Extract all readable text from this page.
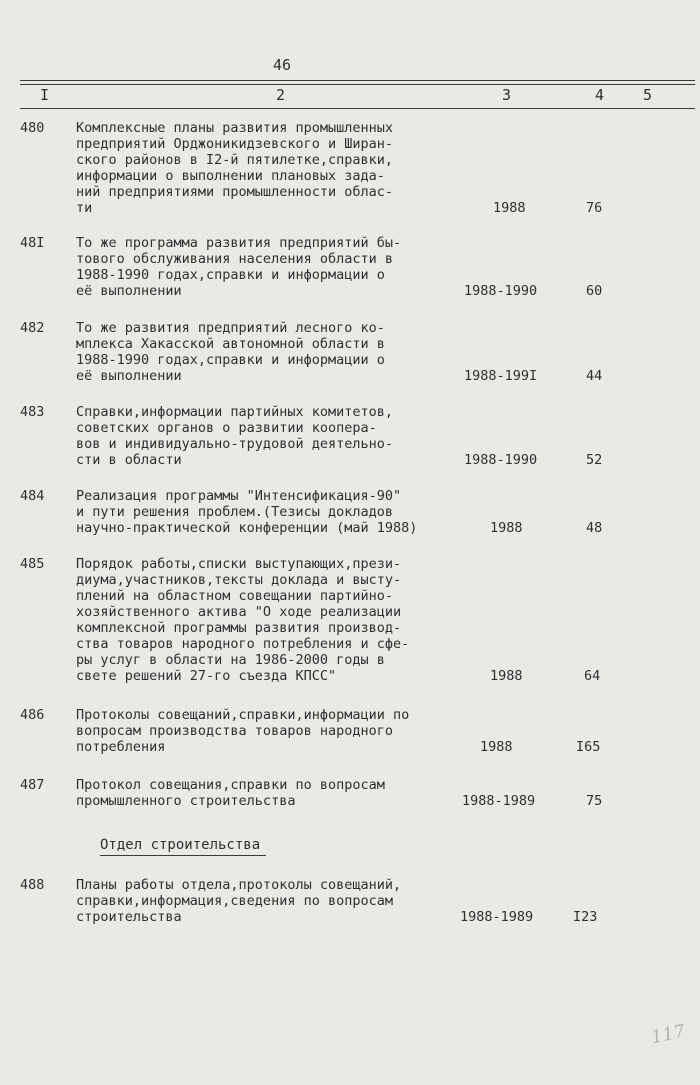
46
I	2	3	4	5
480 Комплексные планы развития промышленных
предприятий Орджоникидзевского и Ширан-
ского районов в I2-й пятилетке,справки,
информации о выполнении плановых зада-
ний предприятиями промышленности облас-
ти	1988	76
48I То же программа развития предприятий бы-
тового обслуживания населения области в
1988-1990 годах,справки и информации о
её выполнении	1988-1990	60
482 То же развития предприятий лесного ко-
мплекса Хакасской автономной области в
1988-1990 годах,справки и информации о
её выполнении	1988-199I	44
483 Справки,информации партийных комитетов,
советских органов о развитии коопера-
вов и индивидуально-трудовой деятельно-
сти в области	1988-1990	52
484 Реализация программы "Интенсификация-90"
и пути решения проблем.(Тезисы докладов
научно-практической конференции (май 1988)	1988	48
485 Порядок работы,списки выступающих,прези-
диума,участников,тексты доклада и высту-
плений на областном совещании партийно-
хозяйственного актива "О ходе реализации
комплексной программы развития производ-
ства товаров народного потребления и сфе-
ры услуг в области на 1986-2000 годы в
свете решений 27-го съезда КПСС"	1988	64
486 Протоколы совещаний,справки,информации по
вопросам производства товаров народного
потребления	1988	I65
487 Протокол совещания,справки по вопросам
промышленного строительства	1988-1989	75
Отдел строительства
488 Планы работы отдела,протоколы совещаний,
справки,информация,сведения по вопросам
строительства	1988-1989	I23
117
